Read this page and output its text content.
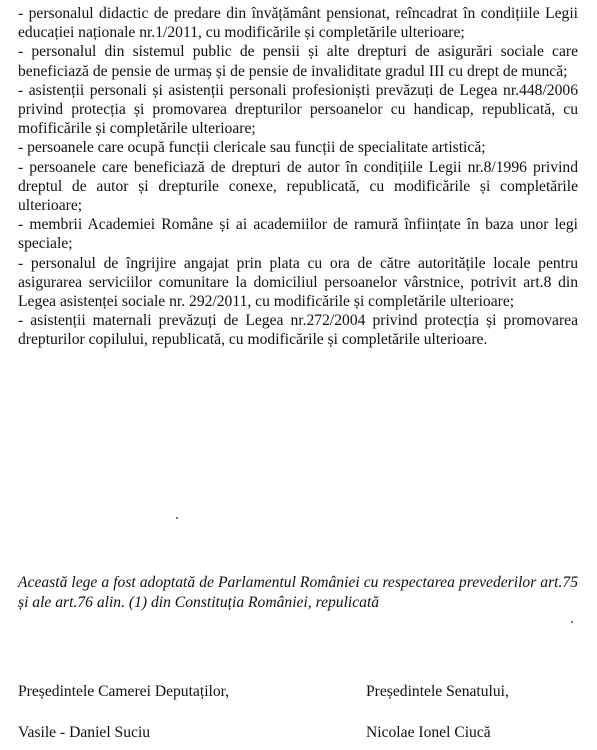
- personalul didactic de predare din învățământ pensionat, reîncadrat în condițiile Legii educației naționale nr.1/2011, cu modificările și completările ulterioare;

- personalul din sistemul public de pensii și alte drepturi de asigurări sociale care beneficiază de pensie de urmaș și de pensie de invaliditate gradul III cu drept de muncă;

- asistenții personali și asistenții personali profesioniști prevăzuți de Legea nr.448/2006 privind protecția și promovarea drepturilor persoanelor cu handicap, republicată, cu mofificările și completările ulterioare;

- persoanele care ocupă funcții clericale sau funcții de specialitate artistică;

- persoanele care beneficiază de drepturi de autor în condițiile Legii nr.8/1996 privind dreptul de autor și drepturile conexe, republicată, cu modificările și completările ulterioare;

- membrii Academiei Române și ai academiilor de ramură înființate în baza unor legi speciale;

- personalul de îngrijire angajat prin plata cu ora de către autoritățile locale pentru asigurarea serviciilor comunitare la domiciliul persoanelor vârstnice, potrivit art.8 din Legea asistenței sociale nr. 292/2011, cu modificările și completările ulterioare;

- asistenții maternali prevăzuți de Legea nr.272/2004 privind protecția și promovarea drepturilor copilului, republicată, cu modificările și completările ulterioare.

Această lege a fost adoptată de Parlamentul României cu respectarea prevederilor art.75 și ale art.76 alin. (1) din Constituția României, repulicată

Președintele Camerei Deputaților,	Președintele Senatului,
Vasile - Daniel Suciu	Nicolae Ionel Ciucă
